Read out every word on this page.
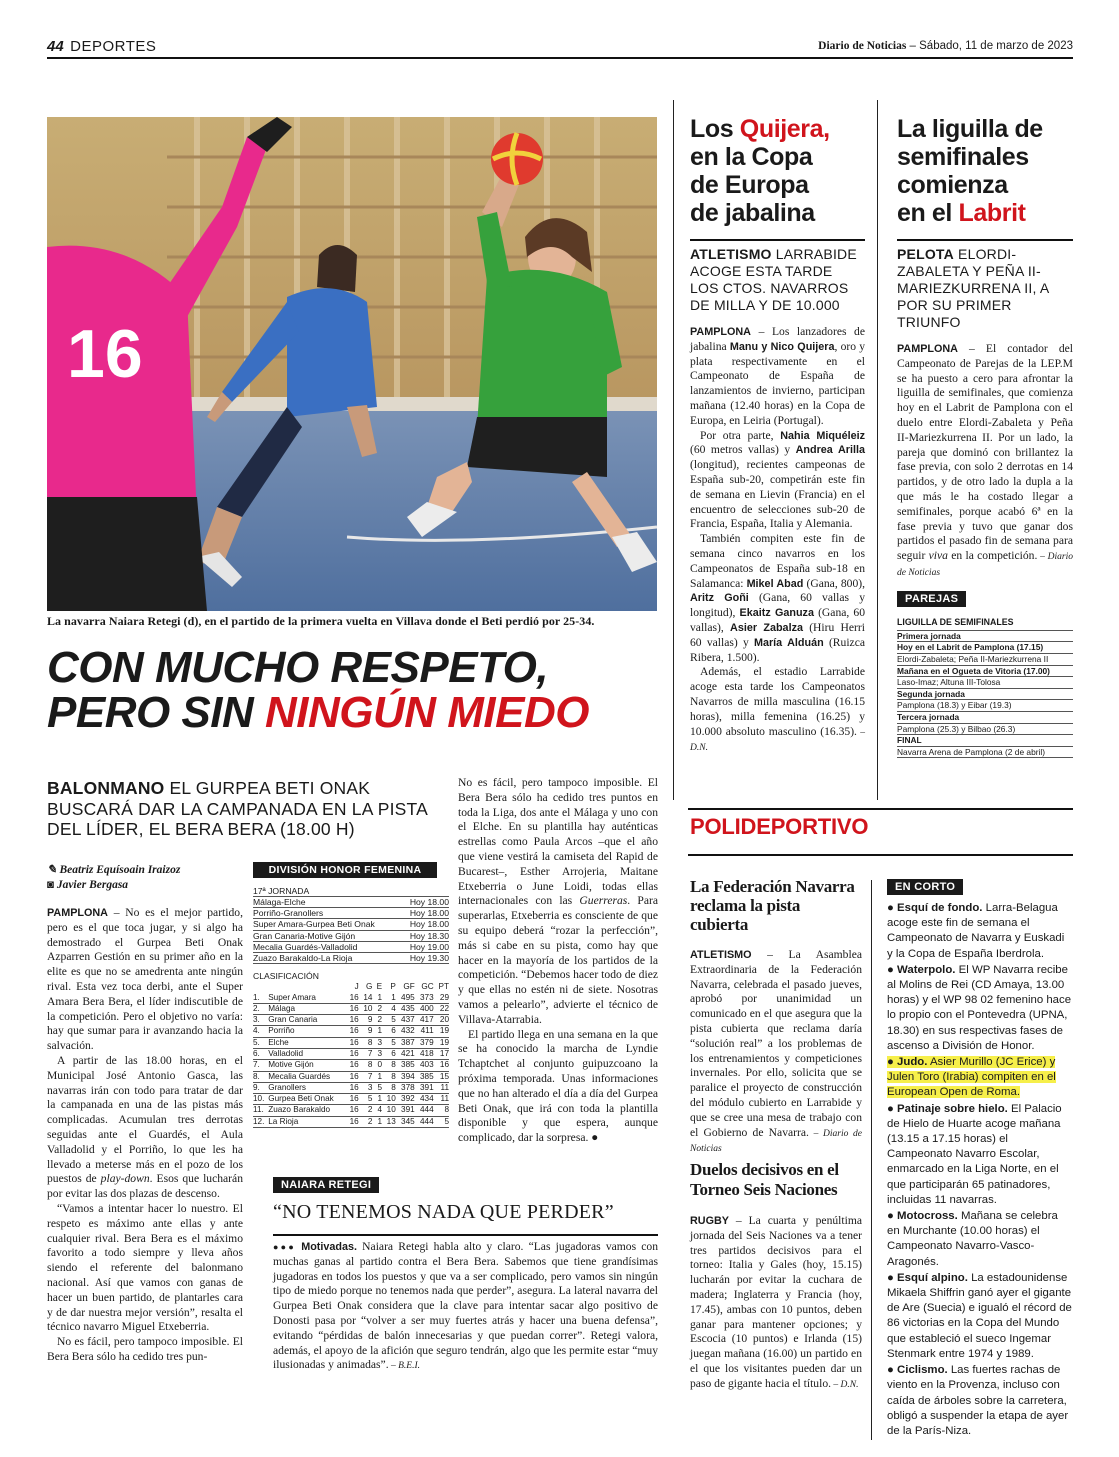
44 DEPORTES	Diario de Noticias – Sábado, 11 de marzo de 2023
16
La navarra Naiara Retegi (d), en el partido de la primera vuelta en Villava donde el Beti perdió por 25-34.
CON MUCHO RESPETO,
PERO SIN NINGÚN MIEDO
BALONMANO EL GURPEA BETI ONAK BUSCARÁ DAR LA CAMPANADA EN LA PISTA DEL LÍDER, EL BERA BERA (18.00 H)
✎ Beatriz Equísoain Iraizoz
◙ Javier Bergasa

PAMPLONA – No es el mejor partido, pero es el que toca jugar, y si algo ha demostrado el Gurpea Beti Onak Azparren Gestión en su primer año en la elite es que no se amedrenta ante ningún rival. Esta vez toca derbi, ante el Super Amara Bera Bera, el líder indiscutible de la competición. Pero el objetivo no varía: hay que sumar para ir avanzando hacia la salvación.

A partir de las 18.00 horas, en el Municipal José Antonio Gasca, las navarras irán con todo para tratar de dar la campanada en una de las pistas más complicadas. Acumulan tres derrotas seguidas ante el Guardés, el Aula Valladolid y el Porriño, lo que les ha llevado a meterse más en el pozo de los puestos de play-down. Esos que lucharán por evitar las dos plazas de descenso.

“Vamos a intentar hacer lo nuestro. El respeto es máximo ante ellas y ante cualquier rival. Bera Bera es el máximo favorito a todo siempre y lleva años siendo el referente del balonmano nacional. Así que vamos con ganas de hacer un buen partido, de plantarles cara y de dar nuestra mejor versión”, resalta el técnico navarro Miguel Etxeberria.

No es fácil, pero tampoco imposible. El Bera Bera sólo ha cedido tres pun-

DIVISIÓN HONOR FEMENINA
17ª JORNADA
Málaga-Elche	Hoy 18.00
Porriño-Granollers	Hoy 18.00
Super Amara-Gurpea Beti Onak	Hoy 18.00
Gran Canaria-Motive Gijón	Hoy 18.30
Mecalia Guardés-Valladolid	Hoy 19.00
Zuazo Barakaldo-La Rioja	Hoy 19.30
CLASIFICACIÓN
		J	G	E	P	GF	GC	PT
1.	Super Amara	16	14	1	1	495	373	29
2.	Málaga	16	10	2	4	435	400	22
3.	Gran Canaria	16	9	2	5	437	417	20
4.	Porriño	16	9	1	6	432	411	19
5.	Elche	16	8	3	5	387	379	19
6.	Valladolid	16	7	3	6	421	418	17
7.	Motive Gijón	16	8	0	8	385	403	16
8.	Mecalia Guardés	16	7	1	8	394	385	15
9.	Granollers	16	3	5	8	378	391	11
10.	Gurpea Beti Onak	16	5	1	10	392	434	11
11.	Zuazo Barakaldo	16	2	4	10	391	444	8
12.	La Rioja	16	2	1	13	345	444	5

No es fácil, pero tampoco imposible. El Bera Bera sólo ha cedido tres puntos en toda la Liga, dos ante el Málaga y uno con el Elche. En su plantilla hay auténticas estrellas como Paula Arcos –que el año que viene vestirá la camiseta del Rapid de Bucarest–, Esther Arrojeria, Maitane Etxeberria o June Loidi, todas ellas internacionales con las Guerreras. Para superarlas, Etxeberria es consciente de que su equipo deberá “rozar la perfección”, más si cabe en su pista, como hay que hacer en la mayoría de los partidos de la competición. “Debemos hacer todo de diez y que ellas no estén ni de siete. Nosotras vamos a pelearlo”, advierte el técnico de Villava-Atarrabia.

El partido llega en una semana en la que se ha conocido la marcha de Lyndie Tchaptchet al conjunto guipuzcoano la próxima temporada. Unas informaciones que no han alterado el día a día del Gurpea Beti Onak, que irá con toda la plantilla disponible y que espera, aunque complicado, dar la sorpresa. ●

NAIARA RETEGI
“NO TENEMOS NADA QUE PERDER”

●●● Motivadas. Naiara Retegi habla alto y claro. “Las jugadoras vamos con muchas ganas al partido contra el Bera Bera. Sabemos que tiene grandísimas jugadoras en todos los puestos y que va a ser complicado, pero vamos sin ningún tipo de miedo porque no tenemos nada que perder”, asegura. La lateral navarra del Gurpea Beti Onak considera que la clave para intentar sacar algo positivo de Donosti pasa por “volver a ser muy fuertes atrás y hacer una buena defensa”, evitando “pérdidas de balón innecesarias y que puedan correr”. Retegi valora, además, el apoyo de la afición que seguro tendrán, algo que les permite estar “muy ilusionadas y animadas”. – B.E.I.

Los Quijera,
en la Copa
de Europa
de jabalina
ATLETISMO LARRABIDE ACOGE ESTA TARDE LOS CTOS. NAVARROS DE MILLA Y DE 10.000

PAMPLONA – Los lanzadores de jabalina Manu y Nico Quijera, oro y plata respectivamente en el Campeonato de España de lanzamientos de invierno, participan mañana (12.40 horas) en la Copa de Europa, en Leiria (Portugal).

Por otra parte, Nahia Miquéleiz (60 metros vallas) y Andrea Arilla (longitud), recientes campeonas de España sub-20, competirán este fin de semana en Lievin (Francia) en el encuentro de selecciones sub-20 de Francia, España, Italia y Alemania.

También compiten este fin de semana cinco navarros en los Campeonatos de España sub-18 en Salamanca: Mikel Abad (Gana, 800), Aritz Goñi (Gana, 60 vallas y longitud), Ekaitz Ganuza (Gana, 60 vallas), Asier Zabalza (Hiru Herri 60 vallas) y María Alduán (Ruizca Ribera, 1.500).

Además, el estadio Larrabide acoge esta tarde los Campeonatos Navarros de milla masculina (16.15 horas), milla femenina (16.25) y 10.000 absoluto masculino (16.35). – D.N.

La liguilla de
semifinales
comienza
en el Labrit
PELOTA ELORDI-ZABALETA Y PEÑA II-MARIEZKURRENA II, A POR SU PRIMER TRIUNFO

PAMPLONA – El contador del Campeonato de Parejas de la LEP.M se ha puesto a cero para afrontar la liguilla de semifinales, que comienza hoy en el Labrit de Pamplona con el duelo entre Elordi-Zabaleta y Peña II-Mariezkurrena II. Por un lado, la pareja que dominó con brillantez la fase previa, con solo 2 derrotas en 14 partidos, y de otro lado la dupla a la que más le ha costado llegar a semifinales, porque acabó 6ª en la fase previa y tuvo que ganar dos partidos el pasado fin de semana para seguir viva en la competición. – Diario de Noticias

PAREJAS
LIGUILLA DE SEMIFINALES
Primera jornada
Hoy en el Labrit de Pamplona (17.15)
Elordi-Zabaleta; Peña II-Mariezkurrena II
Mañana en el Ogueta de Vitoria (17.00)
Laso-Imaz; Altuna III-Tolosa
Segunda jornada
Pamplona (18.3) y Eibar (19.3)
Tercera jornada
Pamplona (25.3) y Bilbao (26.3)
FINAL
Navarra Arena de Pamplona (2 de abril)
POLIDEPORTIVO
La Federación Navarra
reclama la pista cubierta

ATLETISMO – La Asamblea Extraordinaria de la Federación Navarra, celebrada el pasado jueves, aprobó por unanimidad un comunicado en el que asegura que la pista cubierta que reclama daría “solución real” a los problemas de los entrenamientos y competiciones invernales. Por ello, solicita que se paralice el proyecto de construcción del módulo cubierto en Larrabide y que se cree una mesa de trabajo con el Gobierno de Navarra. – Diario de Noticias

Duelos decisivos en el
Torneo Seis Naciones

RUGBY – La cuarta y penúltima jornada del Seis Naciones va a tener tres partidos decisivos para el torneo: Italia y Gales (hoy, 15.15) lucharán por evitar la cuchara de madera; Inglaterra y Francia (hoy, 17.45), ambas con 10 puntos, deben ganar para mantener opciones; y Escocia (10 puntos) e Irlanda (15) juegan mañana (16.00) un partido en el que los visitantes pueden dar un paso de gigante hacia el título. – D.N.

EN CORTO
● Esquí de fondo. Larra-Belagua acoge este fin de semana el Campeonato de Navarra y Euskadi y la Copa de España Iberdrola.
● Waterpolo. El WP Navarra recibe al Molins de Rei (CD Amaya, 13.00 horas) y el WP 98 02 femenino hace lo propio con el Pontevedra (UPNA, 18.30) en sus respectivas fases de ascenso a División de Honor.
● Judo. Asier Murillo (JC Erice) y Julen Toro (Irabia) compiten en el European Open de Roma.
● Patinaje sobre hielo. El Palacio de Hielo de Huarte acoge mañana (13.15 a 17.15 horas) el Campeonato Navarro Escolar, enmarcado en la Liga Norte, en el que participarán 65 patinadores, incluidas 11 navarras.
● Motocross. Mañana se celebra en Murchante (10.00 horas) el Campeonato Navarro-Vasco-Aragonés.
● Esquí alpino. La estadounidense Mikaela Shiffrin ganó ayer el gigante de Are (Suecia) e igualó el récord de 86 victorias en la Copa del Mundo que estableció el sueco Ingemar Stenmark entre 1974 y 1989.
● Ciclismo. Las fuertes rachas de viento en la Provenza, incluso con caída de árboles sobre la carretera, obligó a suspender la etapa de ayer de la París-Niza.
